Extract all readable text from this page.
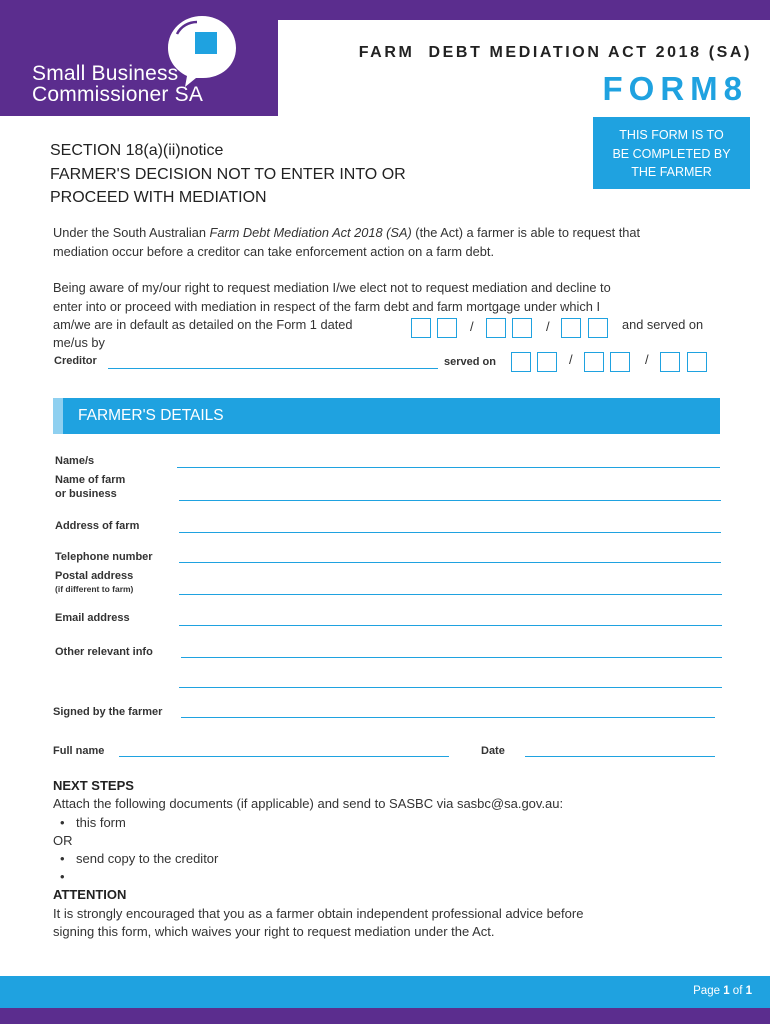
Small Business
Commissioner SA
FARM  DEBT MEDIATION ACT 2018 (SA)
FORM8
THIS FORM IS TO
BE COMPLETED BY
THE FARMER
SECTION 18(a)(ii)notice
FARMER'S DECISION NOT TO ENTER INTO OR
PROCEED WITH MEDIATION
Under the South Australian Farm Debt Mediation Act 2018 (SA) (the Act) a farmer is able to request that
mediation occur before a creditor can take enforcement action on a farm debt.
Being aware of my/our right to request mediation I/we elect not to request mediation and decline to
enter into or proceed with mediation in respect of the farm debt and farm mortgage under which I
am/we are in default as detailed on the Form 1 dated
me/us by
and served on
/	/
Creditor	served on	/	/
FARMER'S DETAILS
Name/s
Name of farm
or business
Address of farm
Telephone number
Postal address
(if different to farm)
Email address
Other relevant info
Signed by the farmer
Full name	Date
NEXT STEPS
Attach the following documents (if applicable) and send to SASBC via sasbc@sa.gov.au:
• this form
OR
• send copy to the creditor
•
ATTENTION
It is strongly encouraged that you as a farmer obtain independent professional advice before
signing this form, which waives your right to request mediation under the Act.
Page 1 of 1
